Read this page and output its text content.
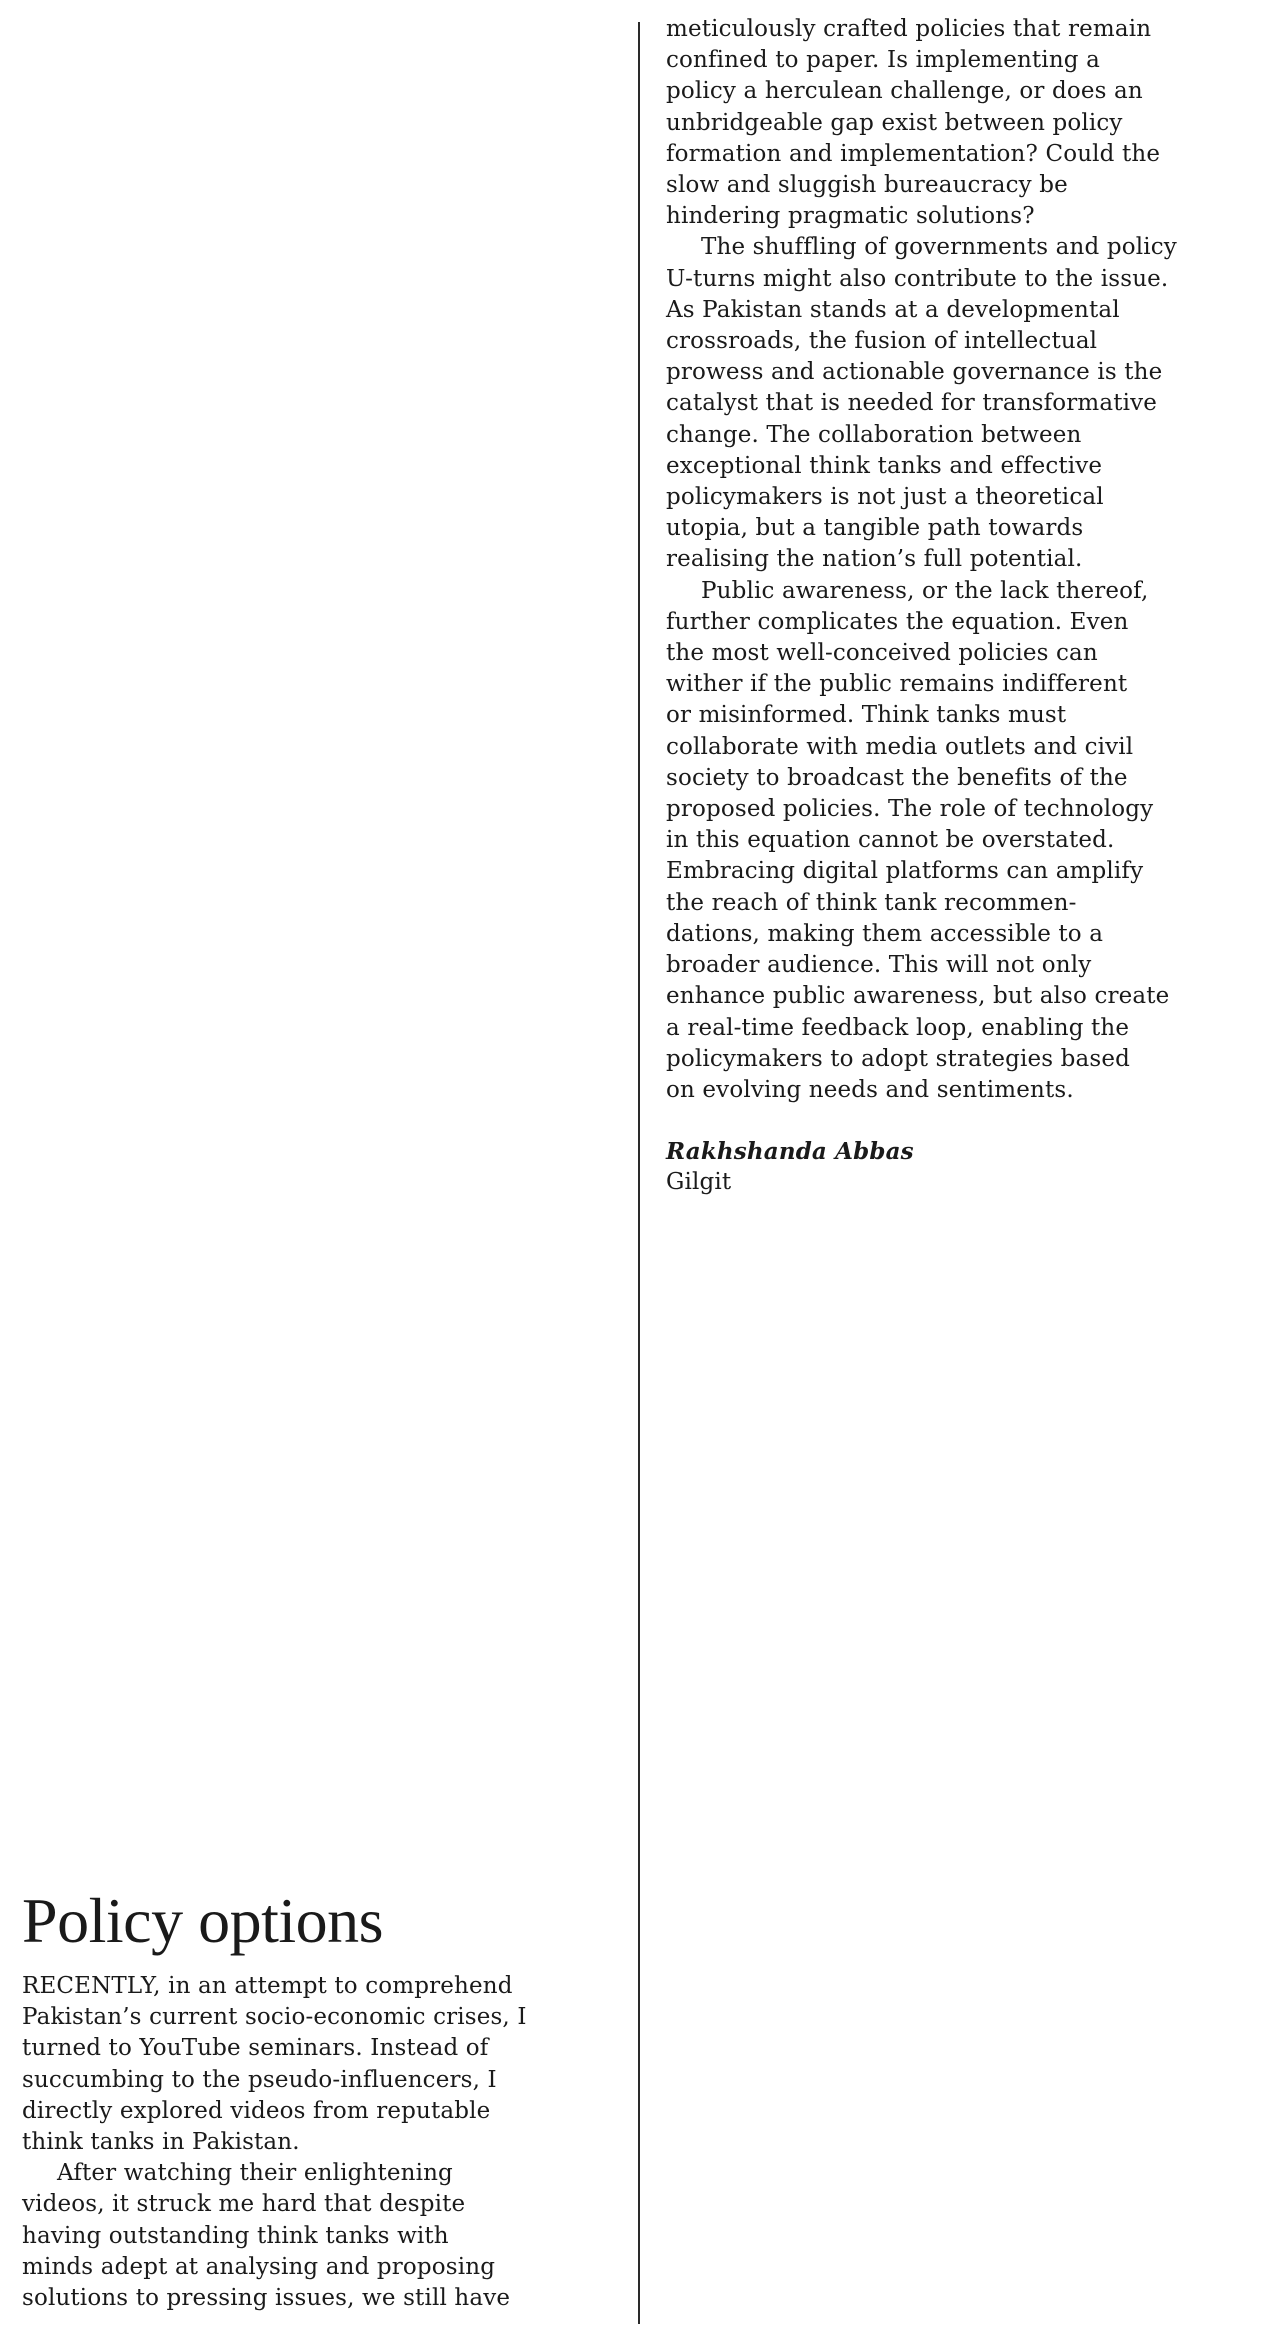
meticulously crafted policies that remain
confined to paper. Is implementing a
policy a herculean challenge, or does an
unbridgeable gap exist between policy
formation and implementation? Could the
slow and sluggish bureaucracy be
hindering pragmatic solutions?

The shuffling of governments and policy
U-turns might also contribute to the issue.
As Pakistan stands at a developmental
crossroads, the fusion of intellectual
prowess and actionable governance is the
catalyst that is needed for transformative
change. The collaboration between
exceptional think tanks and effective
policymakers is not just a theoretical
utopia, but a tangible path towards
realising the nation’s full potential.

Public awareness, or the lack thereof,
further complicates the equation. Even
the most well-conceived policies can
wither if the public remains indifferent
or misinformed. Think tanks must
collaborate with media outlets and civil
society to broadcast the benefits of the
proposed policies. The role of technology
in this equation cannot be overstated.
Embracing digital platforms can amplify
the reach of think tank recommen-
dations, making them accessible to a
broader audience. This will not only
enhance public awareness, but also create
a real-time feedback loop, enabling the
policymakers to adopt strategies based
on evolving needs and sentiments.

Rakhshanda Abbas
Gilgit
Policy options

RECENTLY, in an attempt to comprehend
Pakistan’s current socio-economic crises, I
turned to YouTube seminars. Instead of
succumbing to the pseudo-influencers, I
directly explored videos from reputable
think tanks in Pakistan.

After watching their enlightening
videos, it struck me hard that despite
having outstanding think tanks with
minds adept at analysing and proposing
solutions to pressing issues, we still have
